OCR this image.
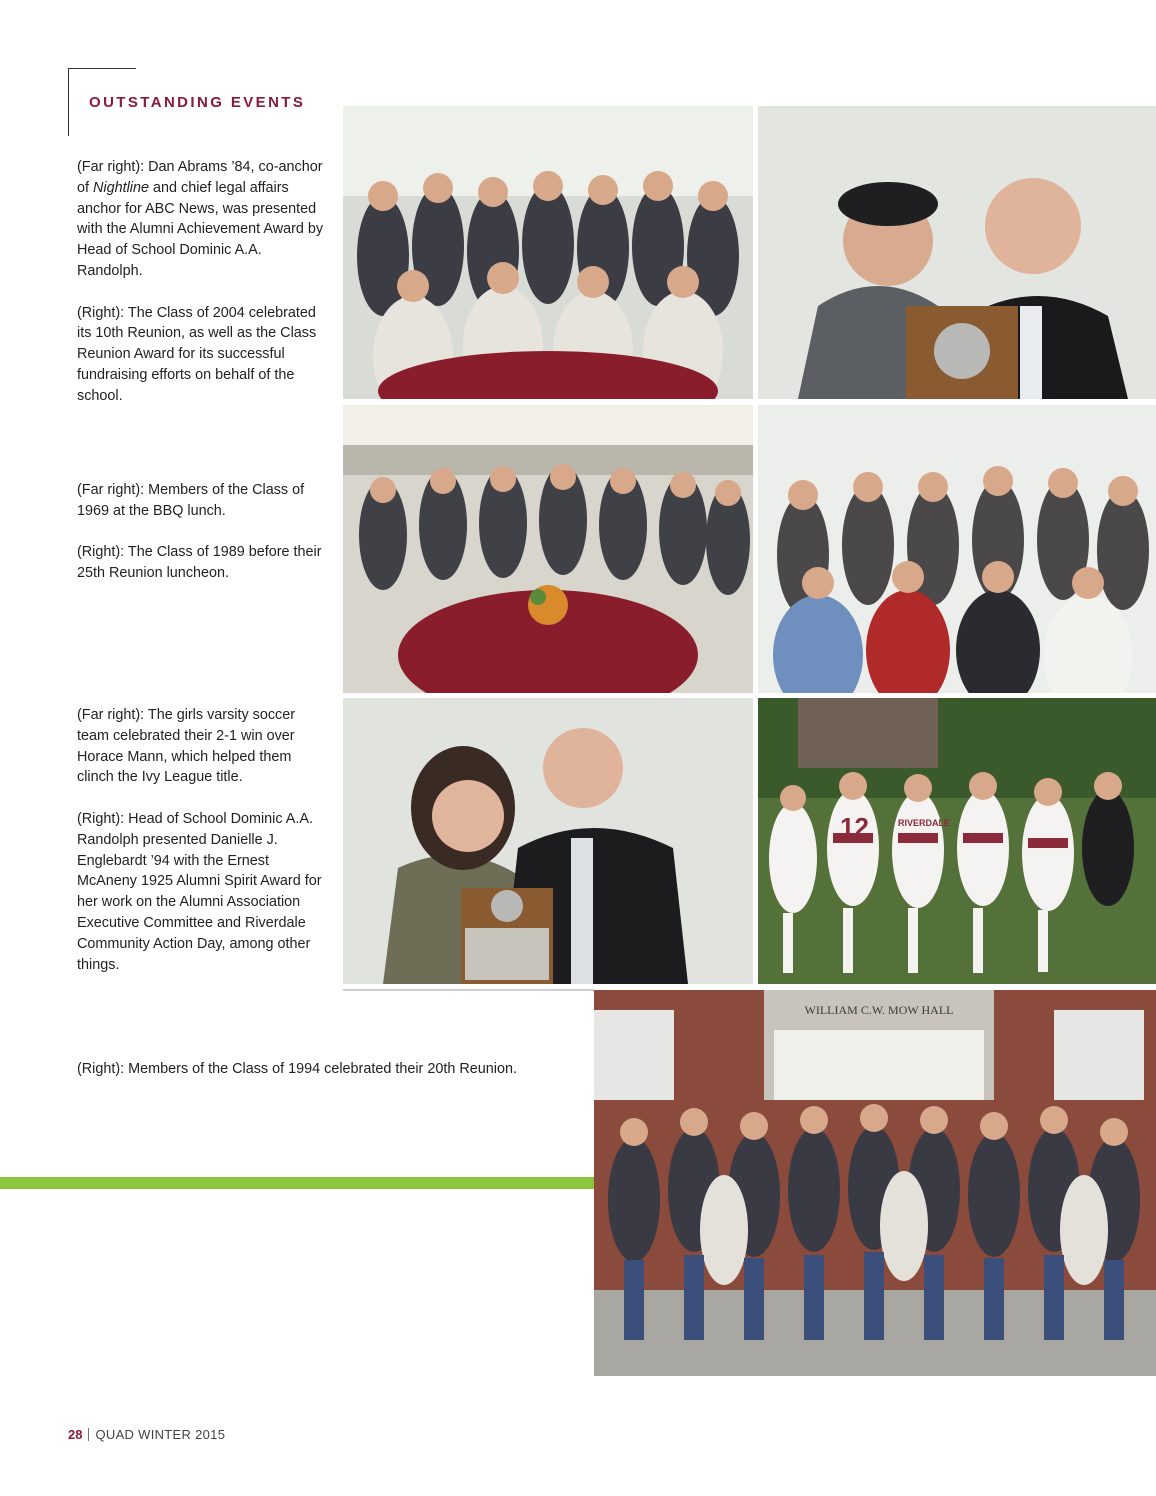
OUTSTANDING EVENTS

(Far right): Dan Abrams ’84, co-anchor of Nightline and chief legal affairs anchor for ABC News, was presented with the Alumni Achievement Award by Head of School Dominic A.A. Randolph.

(Right): The Class of 2004 celebrated its 10th Reunion, as well as the Class Reunion Award for its successful fundraising efforts on behalf of the school.

(Far right): Members of the Class of 1969 at the BBQ lunch.

(Right): The Class of 1989 before their 25th Reunion luncheon.

(Far right): The girls varsity soccer team celebrated their 2-1 win over Horace Mann, which helped them clinch the Ivy League title.

(Right): Head of School Dominic A.A. Randolph presented Danielle J. Englebardt ’94 with the Ernest McAneny 1925 Alumni Spirit Award for her work on the Alumni Association Executive Committee and Riverdale Community Action Day, among other things.

(Right): Members of the Class of 1994 celebrated their 20th Reunion.

12	RIVERDALE
WILLIAM C.W. MOW HALL

28 QUAD WINTER 2015
